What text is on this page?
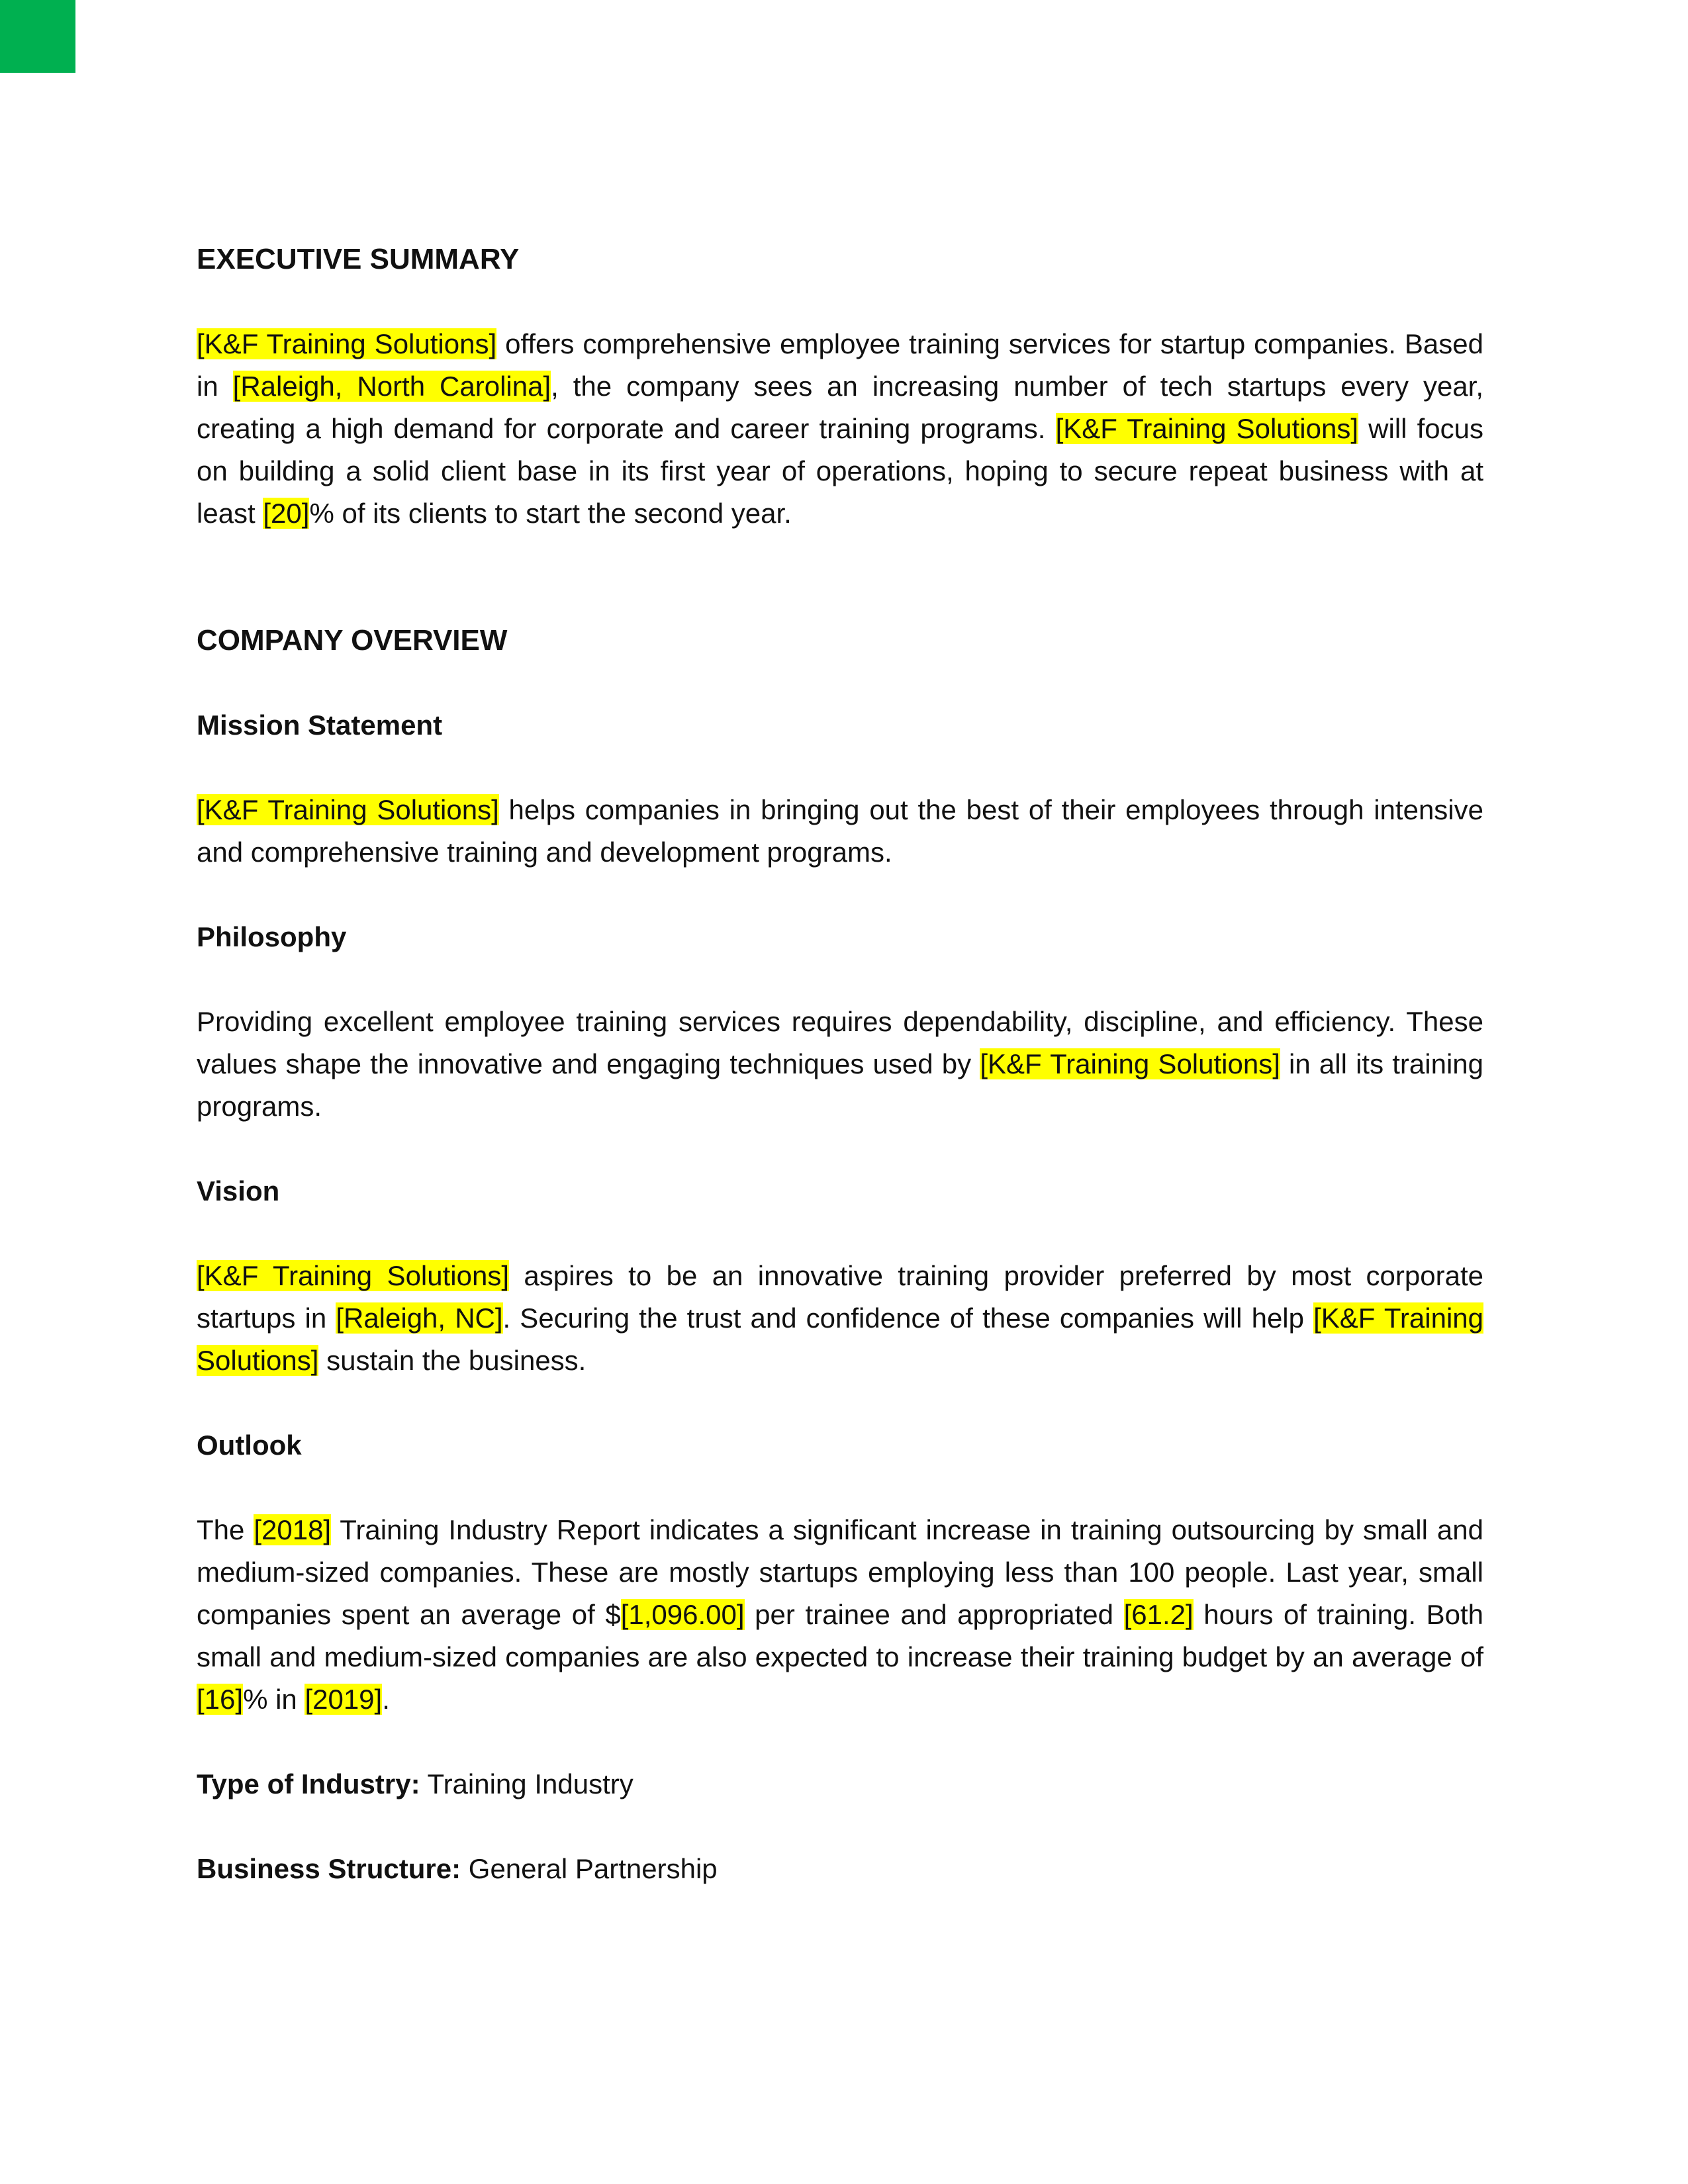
EXECUTIVE SUMMARY

[K&F Training Solutions] offers comprehensive employee training services for startup companies. Based in [Raleigh, North Carolina], the company sees an increasing number of tech startups every year, creating a high demand for corporate and career training programs. [K&F Training Solutions] will focus on building a solid client base in its first year of operations, hoping to secure repeat business with at least [20]% of its clients to start the second year.

COMPANY OVERVIEW
Mission Statement

[K&F Training Solutions] helps companies in bringing out the best of their employees through intensive and comprehensive training and development programs.

Philosophy

Providing excellent employee training services requires dependability, discipline, and efficiency. These values shape the innovative and engaging techniques used by [K&F Training Solutions] in all its training programs.

Vision

[K&F Training Solutions] aspires to be an innovative training provider preferred by most corporate startups in [Raleigh, NC]. Securing the trust and confidence of these companies will help [K&F Training Solutions] sustain the business.

Outlook

The [2018] Training Industry Report indicates a significant increase in training outsourcing by small and medium-sized companies. These are mostly startups employing less than 100 people. Last year, small companies spent an average of $[1,096.00] per trainee and appropriated [61.2] hours of training. Both small and medium-sized companies are also expected to increase their training budget by an average of [16]% in [2019].

Type of Industry: Training Industry

Business Structure: General Partnership
